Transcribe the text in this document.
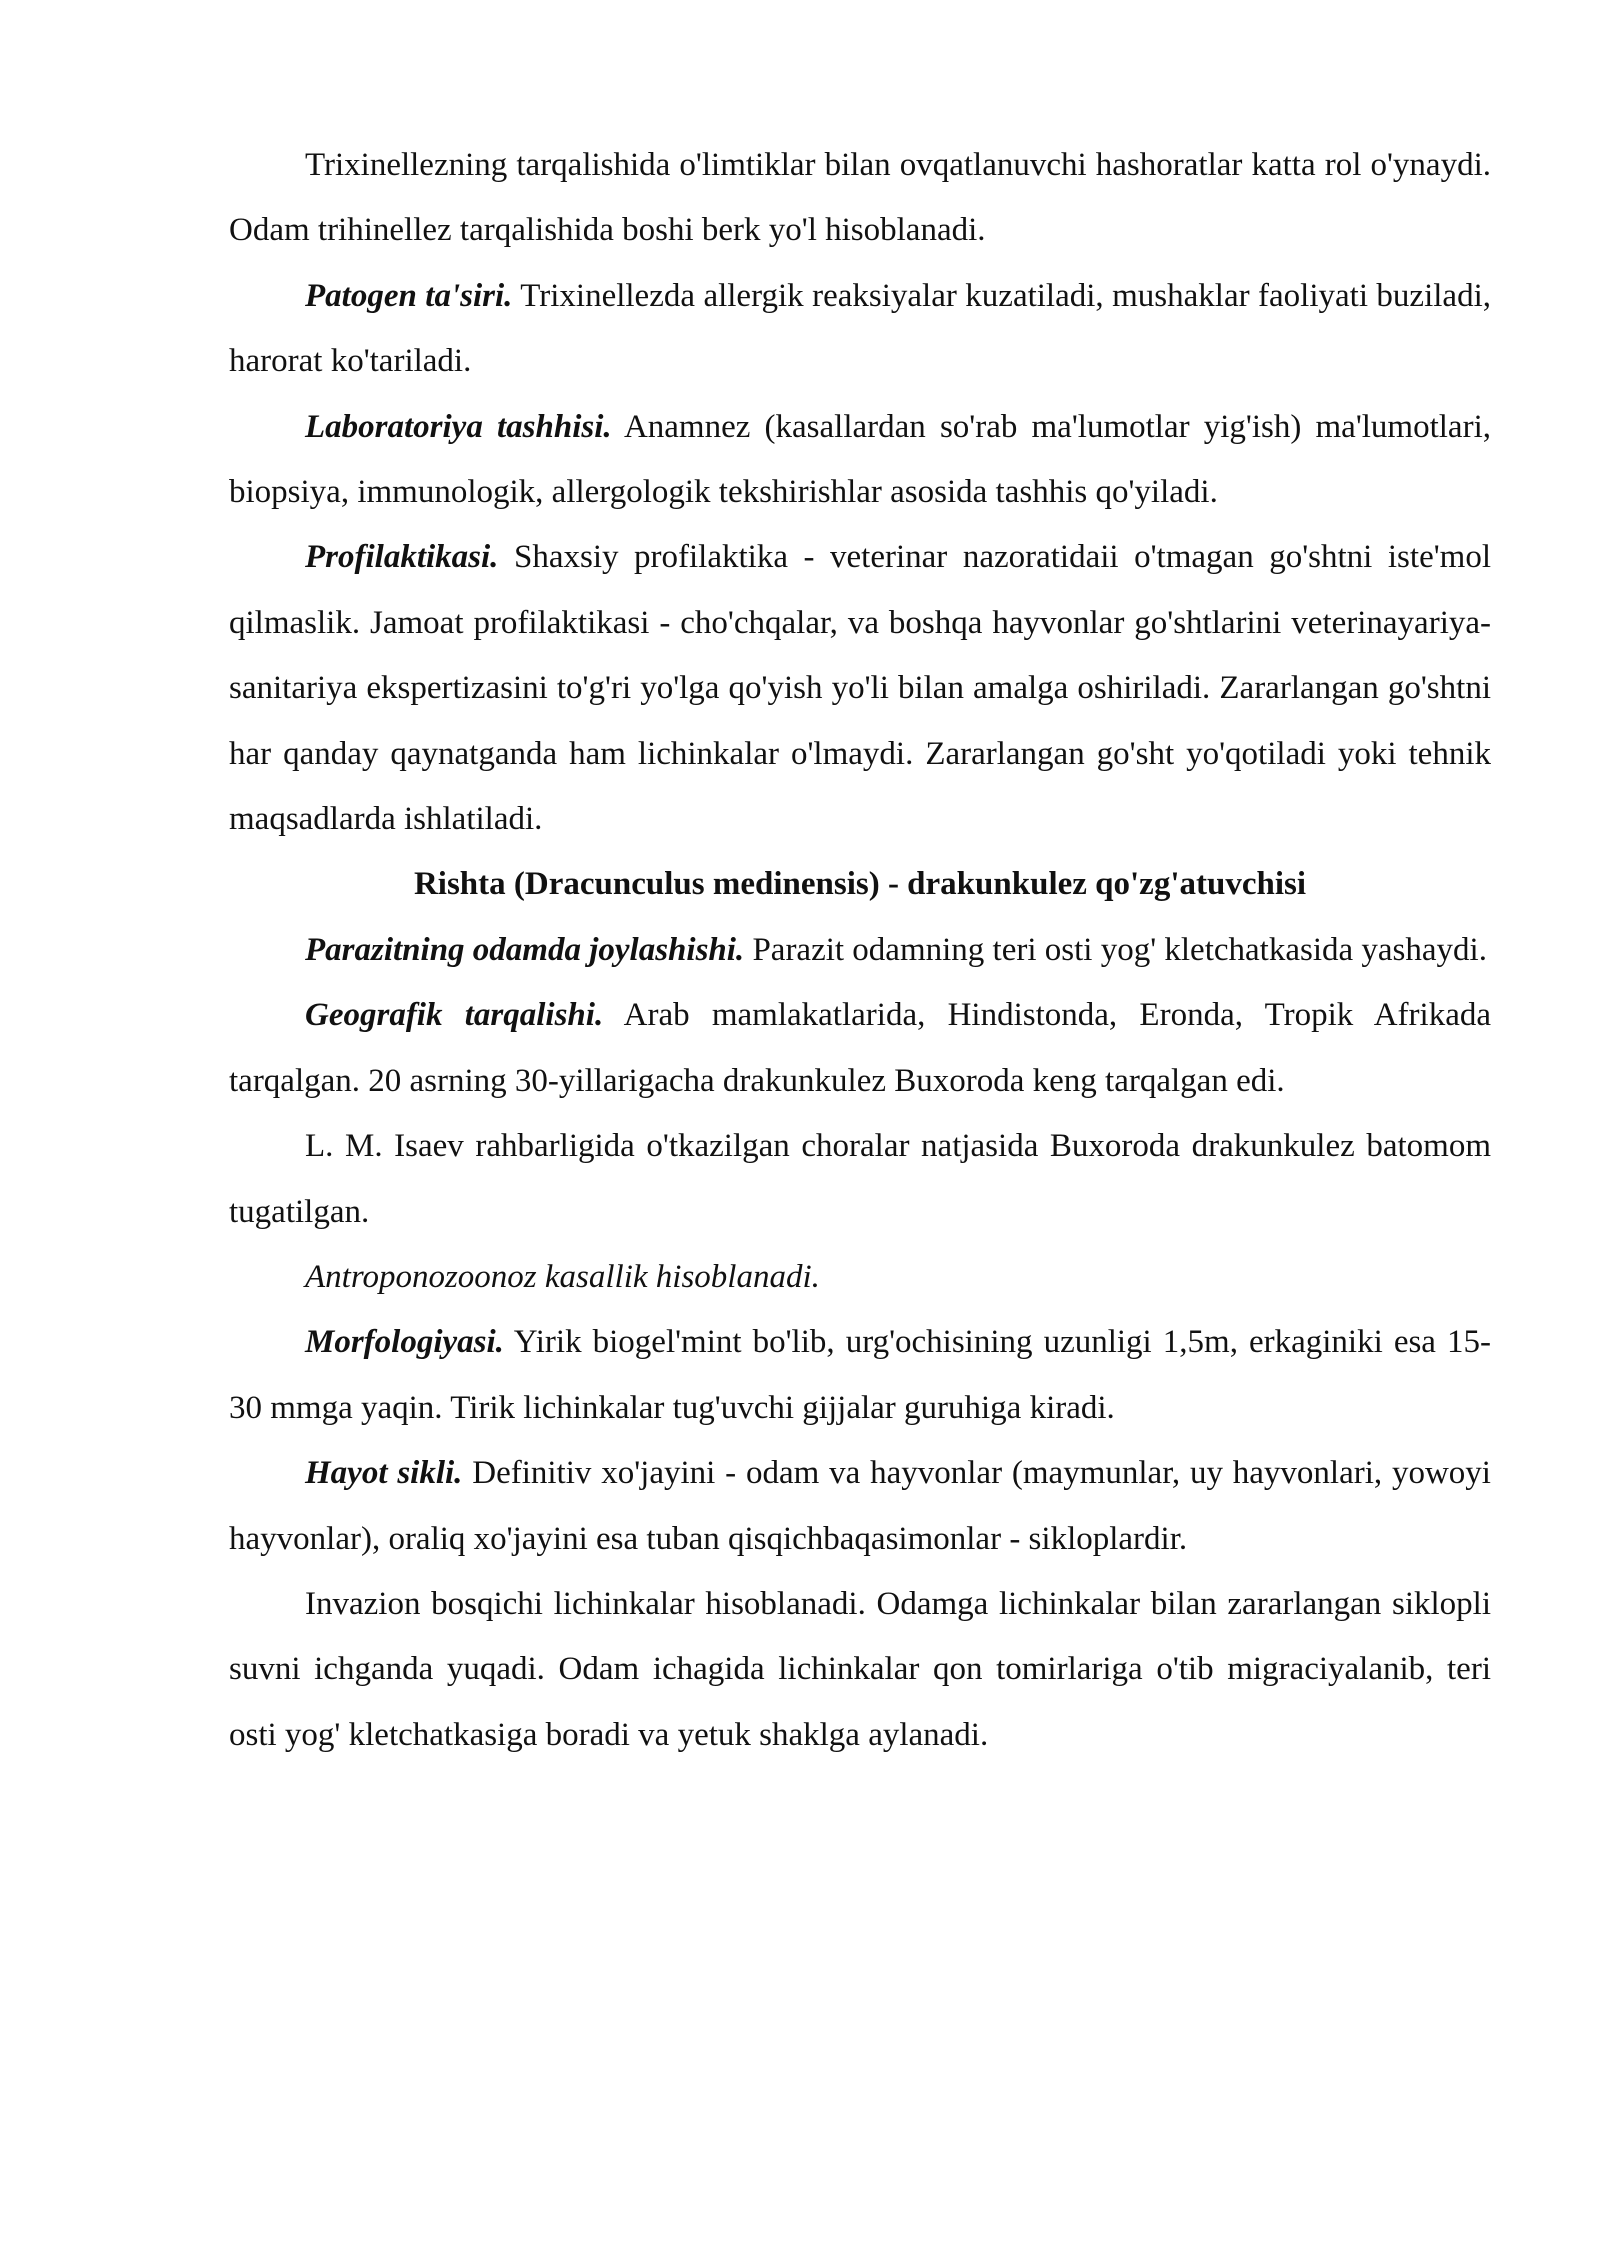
Trixinellezning tarqalishida o'limtiklar bilan ovqatlanuvchi hashoratlar katta rol o'ynaydi. Odam trihinellez tarqalishida boshi berk yo'l hisoblanadi.

Patogen ta'siri. Trixinellezda allergik reaksiyalar kuzatiladi, mushaklar faoliyati buziladi, harorat ko'tariladi.

Laboratoriya tashhisi. Anamnez (kasallardan so'rab ma'lumotlar yig'ish) ma'lumotlari, biopsiya, immunologik, allergologik tekshirishlar asosida tashhis qo'yiladi.

Profilaktikasi. Shaxsiy profilaktika - veterinar nazoratidaii o'tmagan go'shtni iste'mol qilmaslik. Jamoat profilaktikasi - cho'chqalar, va boshqa hayvonlar go'shtlarini veterinayariya-sanitariya ekspertizasini to'g'ri yo'lga qo'yish yo'li bilan amalga oshiriladi. Zararlangan go'shtni har qanday qaynatganda ham lichinkalar o'lmaydi. Zararlangan go'sht yo'qotiladi yoki tehnik maqsadlarda ishlatiladi.

Rishta (Dracunculus medinensis) - drakunkulez qo'zg'atuvchisi

Parazitning odamda joylashishi. Parazit odamning teri osti yog' kletchatkasida yashaydi.

Geografik tarqalishi. Arab mamlakatlarida, Hindistonda, Eronda, Tropik Afrikada tarqalgan. 20 asrning 30-yillarigacha drakunkulez Buxoroda keng tarqalgan edi.

L. M. Isaev rahbarligida o'tkazilgan choralar natjasida Buxoroda drakunkulez batomom tugatilgan.

Antroponozoonoz kasallik hisoblanadi.

Morfologiyasi. Yirik biogel'mint bo'lib, urg'ochisining uzunligi 1,5m, erkaginiki esa 15-30 mmga yaqin. Tirik lichinkalar tug'uvchi gijjalar guruhiga kiradi.

Hayot sikli. Definitiv xo'jayini - odam va hayvonlar (maymunlar, uy hayvonlari, yowoyi hayvonlar), oraliq xo'jayini esa tuban qisqichbaqasimonlar - sikloplardir.

Invazion bosqichi lichinkalar hisoblanadi. Odamga lichinkalar bilan zararlangan siklopli suvni ichganda yuqadi. Odam ichagida lichinkalar qon tomirlariga o'tib migraciyalanib, teri osti yog' kletchatkasiga boradi va yetuk shaklga aylanadi.
